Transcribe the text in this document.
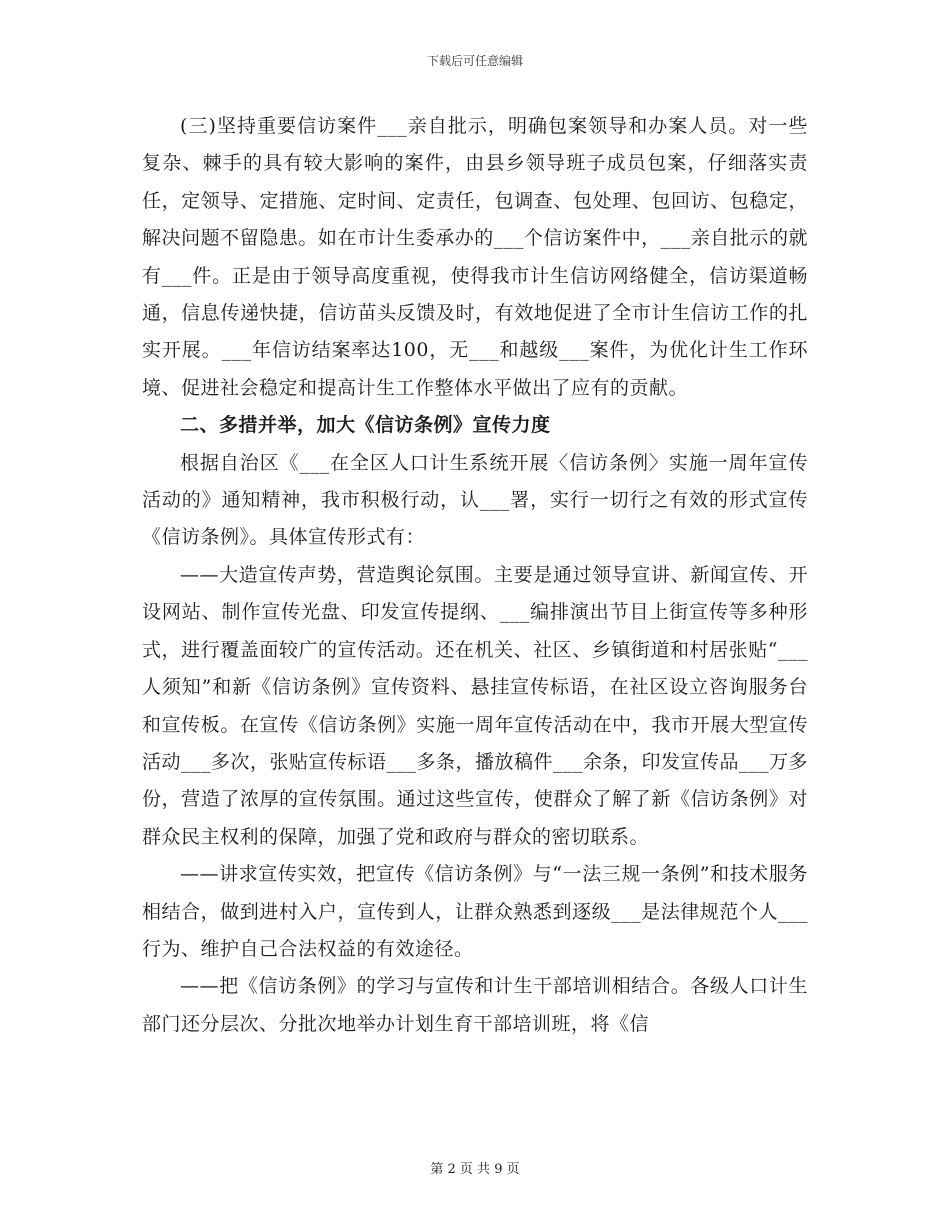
下载后可任意编辑

(三)坚持重要信访案件___亲自批示，明确包案领导和办案人员。对一些复杂、棘手的具有较大影响的案件，由县乡领导班子成员包案，仔细落实责任，定领导、定措施、定时间、定责任，包调查、包处理、包回访、包稳定，解决问题不留隐患。如在市计生委承办的___个信访案件中，___亲自批示的就有___件。正是由于领导高度重视，使得我市计生信访网络健全，信访渠道畅通，信息传递快捷，信访苗头反馈及时，有效地促进了全市计生信访工作的扎实开展。___年信访结案率达100，无___和越级___案件，为优化计生工作环境、促进社会稳定和提高计生工作整体水平做出了应有的贡献。

二、多措并举，加大《信访条例》宣传力度

根据自治区《___在全区人口计生系统开展〈信访条例〉实施一周年宣传活动的》通知精神，我市积极行动，认___署，实行一切行之有效的形式宣传《信访条例》。具体宣传形式有：

——大造宣传声势，营造舆论氛围。主要是通过领导宣讲、新闻宣传、开设网站、制作宣传光盘、印发宣传提纲、___编排演出节目上街宣传等多种形式，进行覆盖面较广的宣传活动。还在机关、社区、乡镇街道和村居张贴“___人须知”和新《信访条例》宣传资料、悬挂宣传标语，在社区设立咨询服务台和宣传板。在宣传《信访条例》实施一周年宣传活动在中，我市开展大型宣传活动___多次，张贴宣传标语___多条，播放稿件___余条，印发宣传品___万多份，营造了浓厚的宣传氛围。通过这些宣传，使群众了解了新《信访条例》对群众民主权利的保障，加强了党和政府与群众的密切联系。

——讲求宣传实效，把宣传《信访条例》与“一法三规一条例”和技术服务相结合，做到进村入户，宣传到人，让群众熟悉到逐级___是法律规范个人___行为、维护自己合法权益的有效途径。

——把《信访条例》的学习与宣传和计生干部培训相结合。各级人口计生部门还分层次、分批次地举办计划生育干部培训班，将《信

第 2 页 共 9 页
